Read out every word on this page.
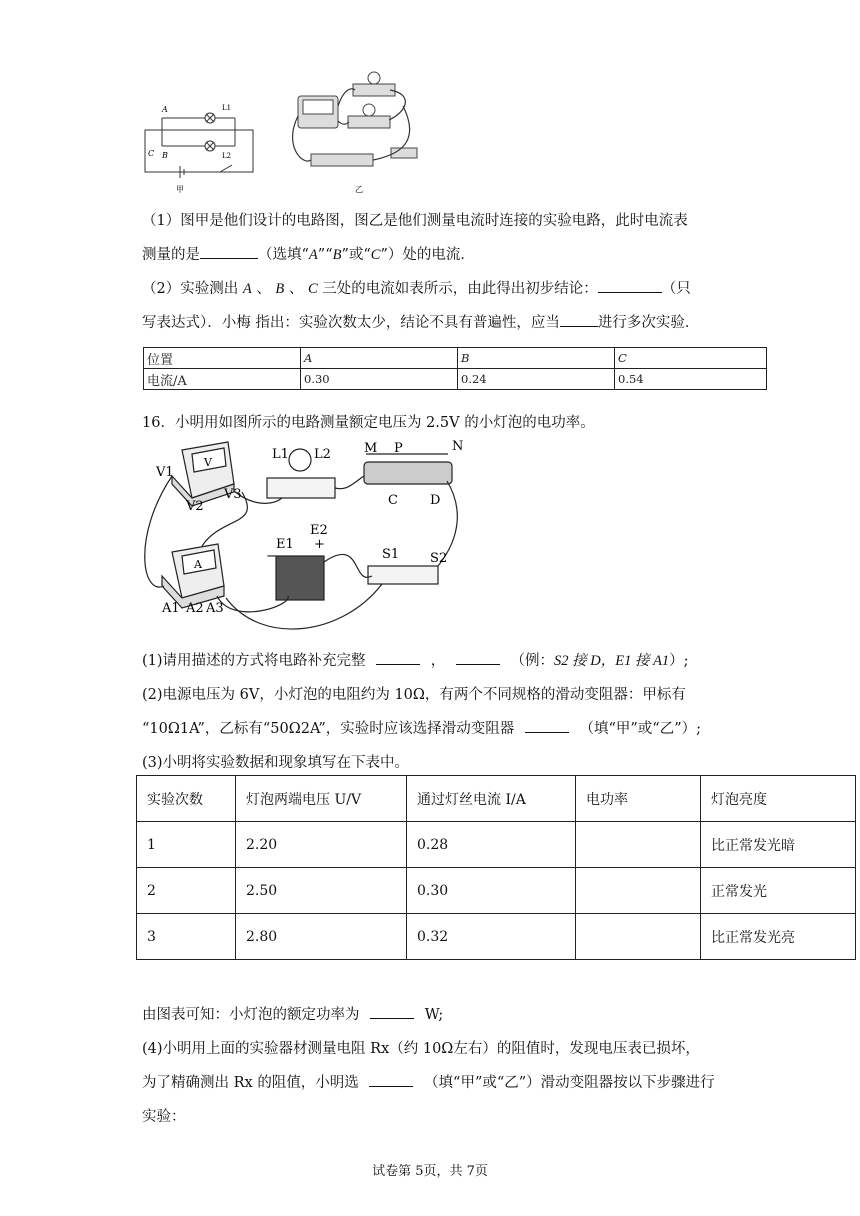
A
B
C
L1
L2
甲	乙
（1）图甲是他们设计的电路图，图乙是他们测量电流时连接的实验电路，此时电流表
测量的是	（选填“A”“B”或“C”）处的电流．
（2）实验测出 A 、 B 、 C 三处的电流如表所示，由此得出初步结论：	（只
写表达式）．小梅 指出：实验次数太少，结论不具有普遍性，应当	进行多次实验．
位置	A	B	C
电流/A	0.30	0.24	0.54
16．小明用如图所示的电路测量额定电压为 2.5V 的小灯泡的电功率。
V1
V2
V3
V
L1 L2	M P	N
C D
E2
E1
−
+
S1 S2
A
A1 A2 A3
(1)请用描述的方式将电路补充完整	，	（例：S2 接 D，E1 接 A1）;
(2)电源电压为 6V，小灯泡的电阻约为 10Ω，有两个不同规格的滑动变阻器：甲标有
“10Ω1A”，乙标有“50Ω2A”，实验时应该选择滑动变阻器	（填“甲”或“乙”）;
(3)小明将实验数据和现象填写在下表中。
实验次数	灯泡两端电压 U/V	通过灯丝电流 I/A	电功率	灯泡亮度
1	2.20	0.28		比正常发光暗
2	2.50	0.30		正常发光
3	2.80	0.32		比正常发光亮
由图表可知：小灯泡的额定功率为	W;
(4)小明用上面的实验器材测量电阻 Rx（约 10Ω左右）的阻值时，发现电压表已损坏，
为了精确测出 Rx 的阻值，小明选	（填“甲”或“乙”）滑动变阻器按以下步骤进行
实验：
试卷第 5页，共 7页
